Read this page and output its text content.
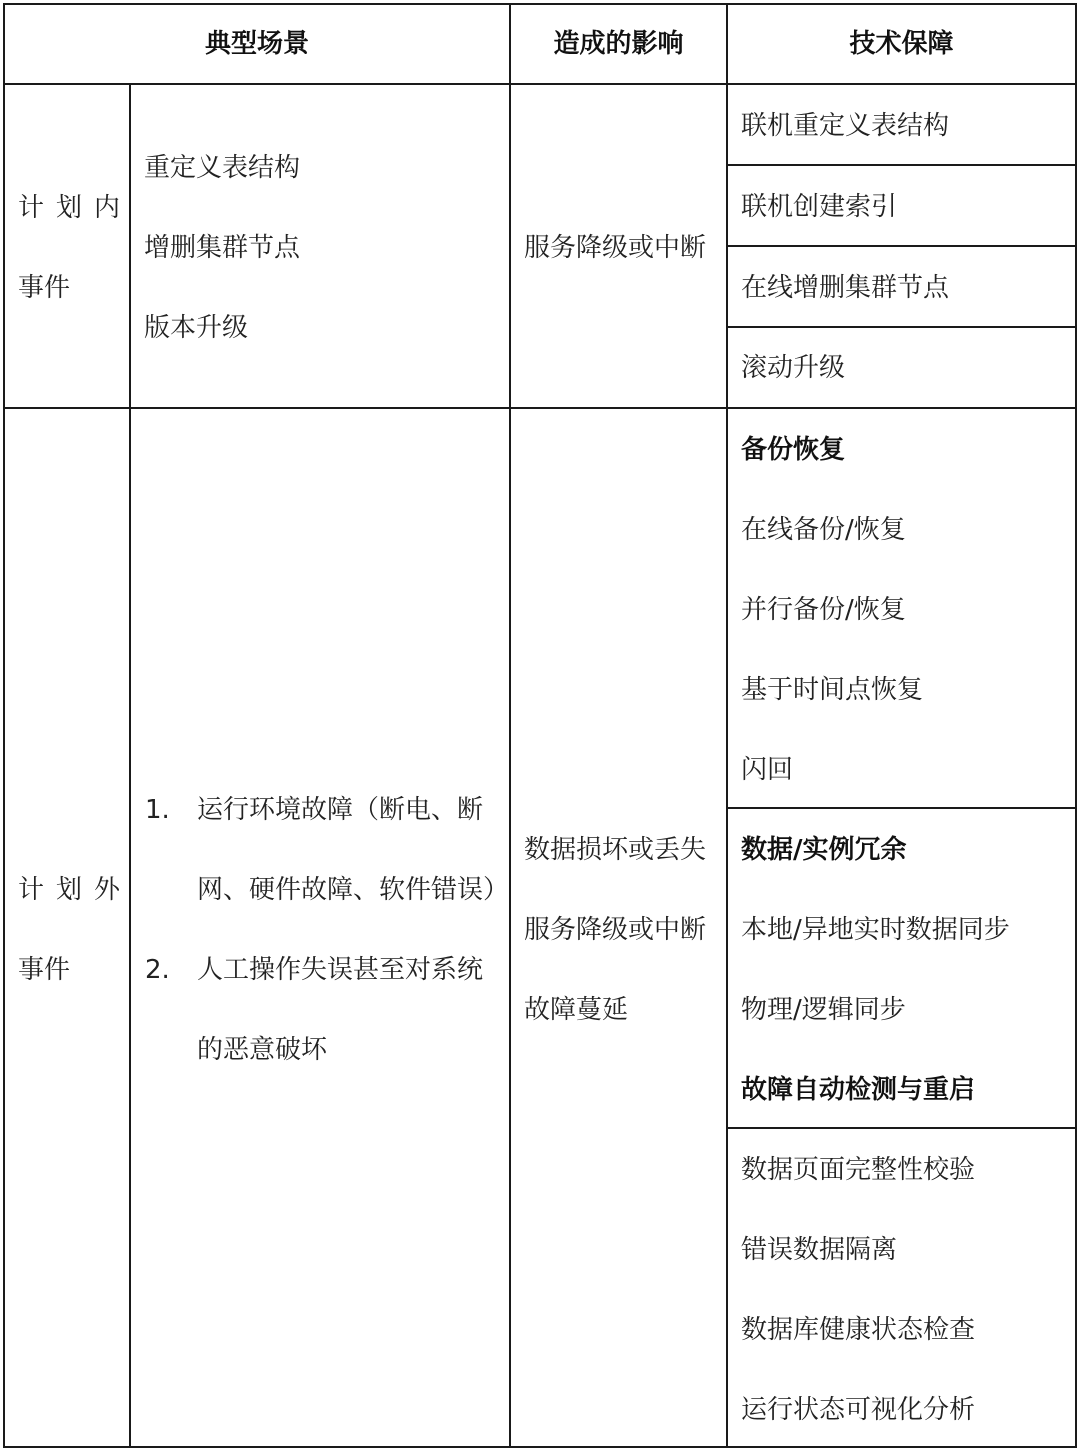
典型场景	造成的影响	技术保障
计划内
事件
重定义表结构
增删集群节点
版本升级
服务降级或中断
联机重定义表结构
联机创建索引
在线增删集群节点
滚动升级
计划外
事件
1. 运行环境故障（断电、断
网、硬件故障、软件错误）
2. 人工操作失误甚至对系统
的恶意破坏
数据损坏或丢失
服务降级或中断
故障蔓延
备份恢复
在线备份/恢复
并行备份/恢复
基于时间点恢复
闪回
数据/实例冗余
本地/异地实时数据同步
物理/逻辑同步
故障自动检测与重启
数据页面完整性校验
错误数据隔离
数据库健康状态检查
运行状态可视化分析
